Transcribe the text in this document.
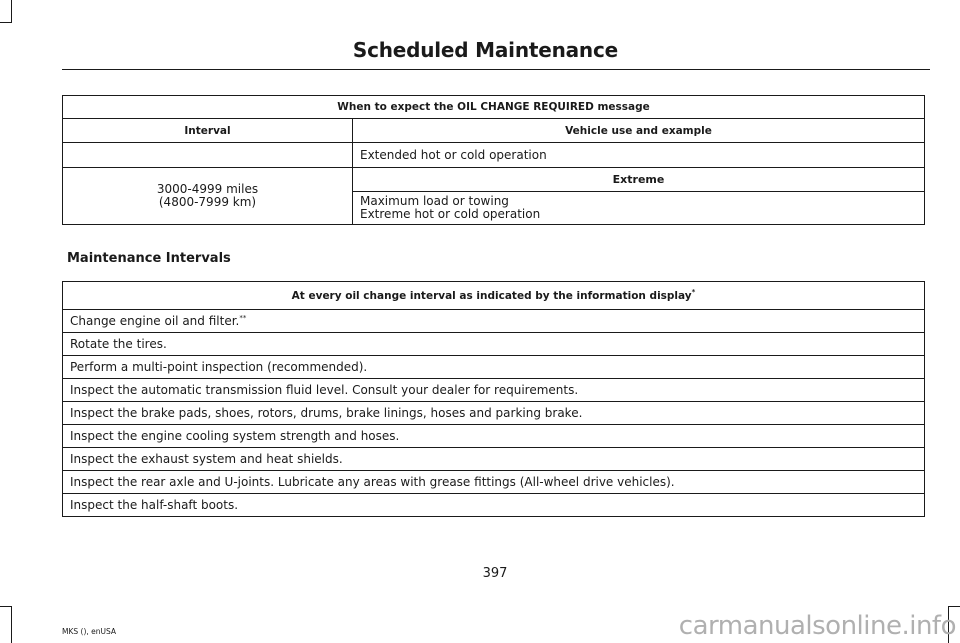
Scheduled Maintenance
When to expect the OIL CHANGE REQUIRED message	
Interval	Vehicle use and example
	Extended hot or cold operation
3000-4999 miles
(4800-7999 km)	Extreme
	Maximum load or towing
Extreme hot or cold operation
Maintenance Intervals
At every oil change interval as indicated by the information display*
Change engine oil and filter.**
Rotate the tires.
Perform a multi-point inspection (recommended).
Inspect the automatic transmission fluid level. Consult your dealer for requirements.
Inspect the brake pads, shoes, rotors, drums, brake linings, hoses and parking brake.
Inspect the engine cooling system strength and hoses.
Inspect the exhaust system and heat shields.
Inspect the rear axle and U-joints. Lubricate any areas with grease fittings (All-wheel drive vehicles).
Inspect the half-shaft boots.
397
MKS (), enUSA	carmanualsonline.info
